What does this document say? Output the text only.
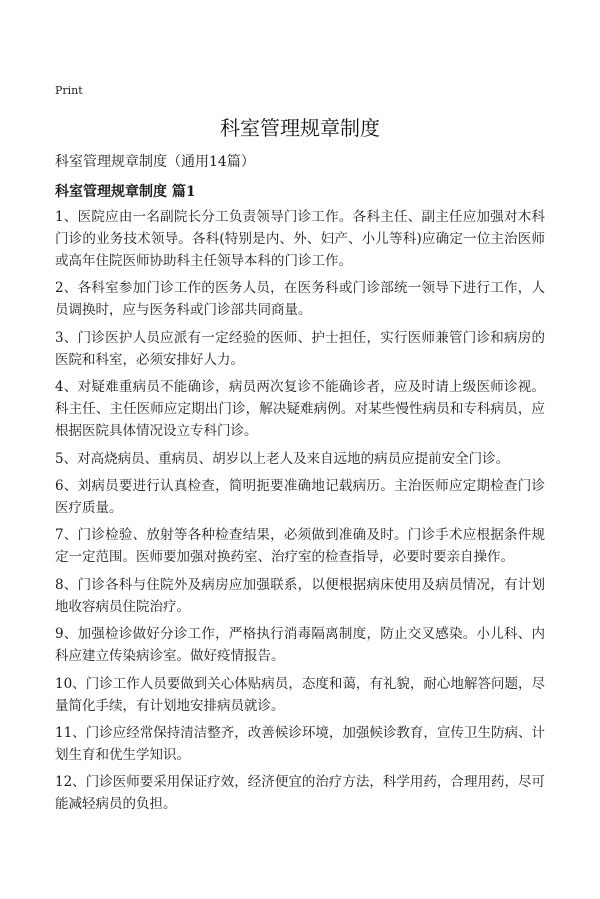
Print
科室管理规章制度
科室管理规章制度（通用14篇）
科室管理规章制度 篇1
1、医院应由一名副院长分工负责领导门诊工作。各科主任、副主任应加强对木科
门诊的业务技术领导。各科(特别是内、外、妇产、小儿等科)应确定一位主治医师
或高年住院医师协助科主任领导本科的门诊工作。
2、各科室参加门诊工作的医务人员，在医务科或门诊部统一领导下进行工作，人
员调换时，应与医务科或门诊部共同商量。
3、门诊医护人员应派有一定经验的医师、护士担任，实行医师兼管门诊和病房的
医院和科室，必须安排好人力。
4、对疑难重病员不能确诊，病员两次复诊不能确诊者，应及时请上级医师诊视。
科主任、主任医师应定期出门诊，解决疑难病例。对某些慢性病员和专科病员，应
根据医院具体情况设立专科门诊。
5、对高烧病员、重病员、胡岁以上老人及来自远地的病员应提前安全门诊。
6、刘病员要进行认真检查，简明扼要准确地记载病历。主治医师应定期检查门诊
医疗质量。
7、门诊检验、放射等各种检查结果，必须做到准确及时。门诊手术应根据条件规
定一定范围。医师要加强对换药室、治疗室的检查指导，必要时要亲自操作。
8、门诊各科与住院外及病房应加强联系，以便根据病床使用及病员情况，有计划
地收容病员住院治疗。
9、加强检诊做好分诊工作，严格执行消毒隔离制度，防止交叉感染。小儿科、内
科应建立传染病诊室。做好疫情报告。
10、门诊工作人员要做到关心体贴病员，态度和蔼，有礼貌，耐心地解答问题，尽
量简化手续，有计划地安排病员就诊。
11、门诊应经常保持清洁整齐，改善候诊环境，加强候诊教育，宣传卫生防病、计
划生育和优生学知识。
12、门诊医师要采用保证疗效，经济便宜的治疗方法，科学用药，合理用药，尽可
能减轻病员的负担。
